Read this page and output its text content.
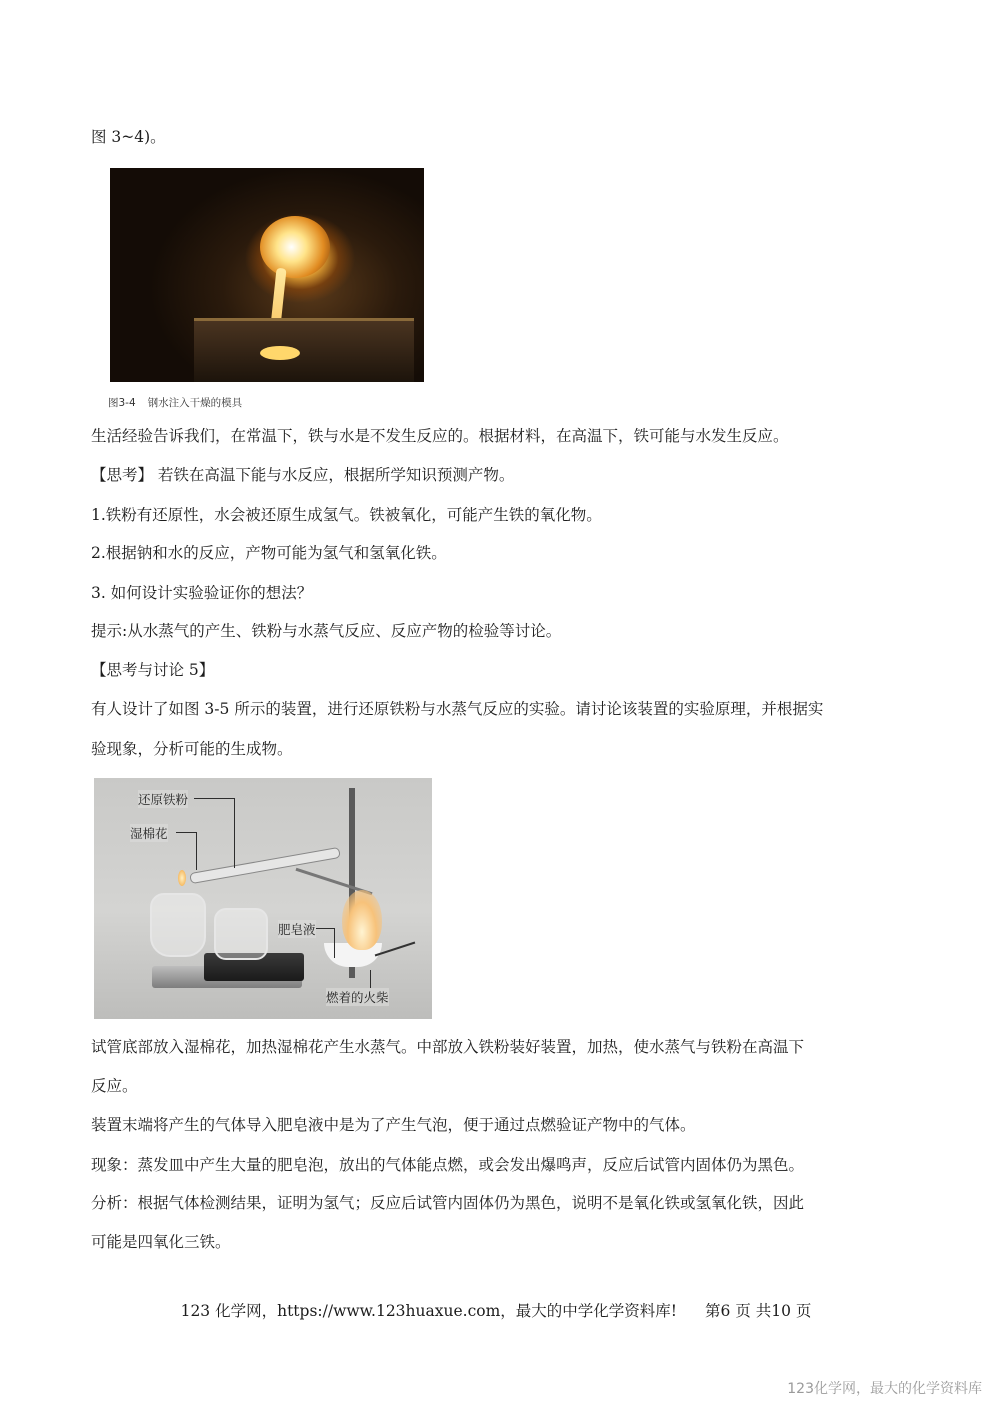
图 3~4)。
图3-4 钢水注入干燥的模具
生活经验告诉我们，在常温下，铁与水是不发生反应的。根据材料，在高温下，铁可能与水发生反应。
【思考】 若铁在高温下能与水反应，根据所学知识预测产物。
1.铁粉有还原性，水会被还原生成氢气。铁被氧化，可能产生铁的氧化物。
2.根据钠和水的反应，产物可能为氢气和氢氧化铁。
3. 如何设计实验验证你的想法？
提示:从水蒸气的产生、铁粉与水蒸气反应、反应产物的检验等讨论。
【思考与讨论 5】
有人设计了如图 3-5 所示的装置，进行还原铁粉与水蒸气反应的实验。请讨论该装置的实验原理，并根据实
验现象，分析可能的生成物。
还原铁粉
湿棉花
肥皂液
燃着的火柴
试管底部放入湿棉花，加热湿棉花产生水蒸气。中部放入铁粉装好装置，加热，使水蒸气与铁粉在高温下
反应。
装置末端将产生的气体导入肥皂液中是为了产生气泡，便于通过点燃验证产物中的气体。
现象：蒸发皿中产生大量的肥皂泡，放出的气体能点燃，或会发出爆鸣声，反应后试管内固体仍为黑色。
分析：根据气体检测结果，证明为氢气；反应后试管内固体仍为黑色，说明不是氧化铁或氢氧化铁，因此
可能是四氧化三铁。
123 化学网，https://www.123huaxue.com，最大的中学化学资料库! 第6 页 共10 页
123化学网，最大的化学资料库
